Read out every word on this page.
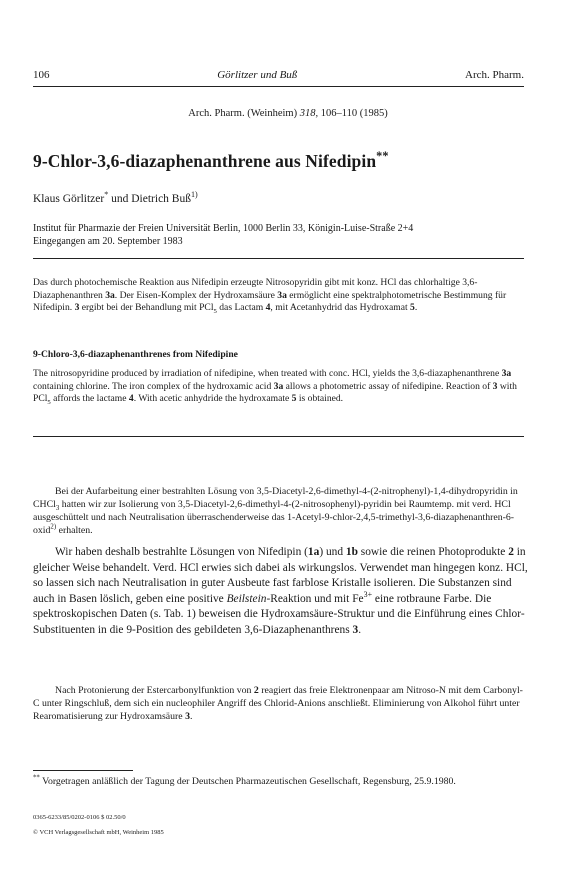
106	Görlitzer und Buß	Arch. Pharm.
Arch. Pharm. (Weinheim) 318, 106–110 (1985)
9-Chlor-3,6-diazaphenanthrene aus Nifedipin**
Klaus Görlitzer* und Dietrich Buß$^{1)}$
Institut für Pharmazie der Freien Universität Berlin, 1000 Berlin 33, Königin-Luise-Straße 2+4
Eingegangen am 20. September 1983
Das durch photochemische Reaktion aus Nifedipin erzeugte Nitrosopyridin gibt mit konz. HCl das chlorhaltige 3,6-Diazaphenanthren 3a. Der Eisen-Komplex der Hydroxamsäure 3a ermöglicht eine spektralphotometrische Bestimmung für Nifedipin. 3 ergibt bei der Behandlung mit PCl$_5$ das Lactam 4, mit Acetanhydrid das Hydroxamat 5.
9-Chloro-3,6-diazaphenanthrenes from Nifedipine
The nitrosopyridine produced by irradiation of nifedipine, when treated with conc. HCl, yields the 3,6-diazaphenanthrene 3a containing chlorine. The iron complex of the hydroxamic acid 3a allows a photometric assay of nifedipine. Reaction of 3 with PCl$_5$ affords the lactame 4. With acetic anhydride the hydroxamate 5 is obtained.
Bei der Aufarbeitung einer bestrahlten Lösung von 3,5-Diacetyl-2,6-dimethyl-4-(2-nitrophenyl)-1,4-dihydropyridin in CHCl$_3$ hatten wir zur Isolierung von 3,5-Diacetyl-2,6-dimethyl-4-(2-nitrosophenyl)-pyridin bei Raumtemp. mit verd. HCl ausgeschüttelt und nach Neutralisation überraschenderweise das 1-Acetyl-9-chlor-2,4,5-trimethyl-3,6-diazaphenanthren-6-oxid$^{2)}$ erhalten.
Wir haben deshalb bestrahlte Lösungen von Nifedipin (1a) und 1b sowie die reinen Photoprodukte 2 in gleicher Weise behandelt. Verd. HCl erwies sich dabei als wirkungslos. Verwendet man hingegen konz. HCl, so lassen sich nach Neutralisation in guter Ausbeute fast farblose Kristalle isolieren. Die Substanzen sind auch in Basen löslich, geben eine positive Beilstein-Reaktion und mit $Fe^{3+}$ eine rotbraune Farbe. Die spektroskopischen Daten (s. Tab. 1) beweisen die Hydroxamsäure-Struktur und die Einführung eines Chlor-Substituenten in die 9-Position des gebildeten 3,6-Diazaphenanthrens 3.
Nach Protonierung der Estercarbonylfunktion von 2 reagiert das freie Elektronenpaar am Nitroso-N mit dem Carbonyl-C unter Ringschluß, dem sich ein nucleophiler Angriff des Chlorid-Anions anschließt. Eliminierung von Alkohol führt unter Rearomatisierung zur Hydroxamsäure 3.
** Vorgetragen anläßlich der Tagung der Deutschen Pharmazeutischen Gesellschaft, Regensburg, 25.9.1980.
0365-6233/85/0202-0106 $ 02.50/0
© VCH Verlagsgesellschaft mbH, Weinheim 1985
